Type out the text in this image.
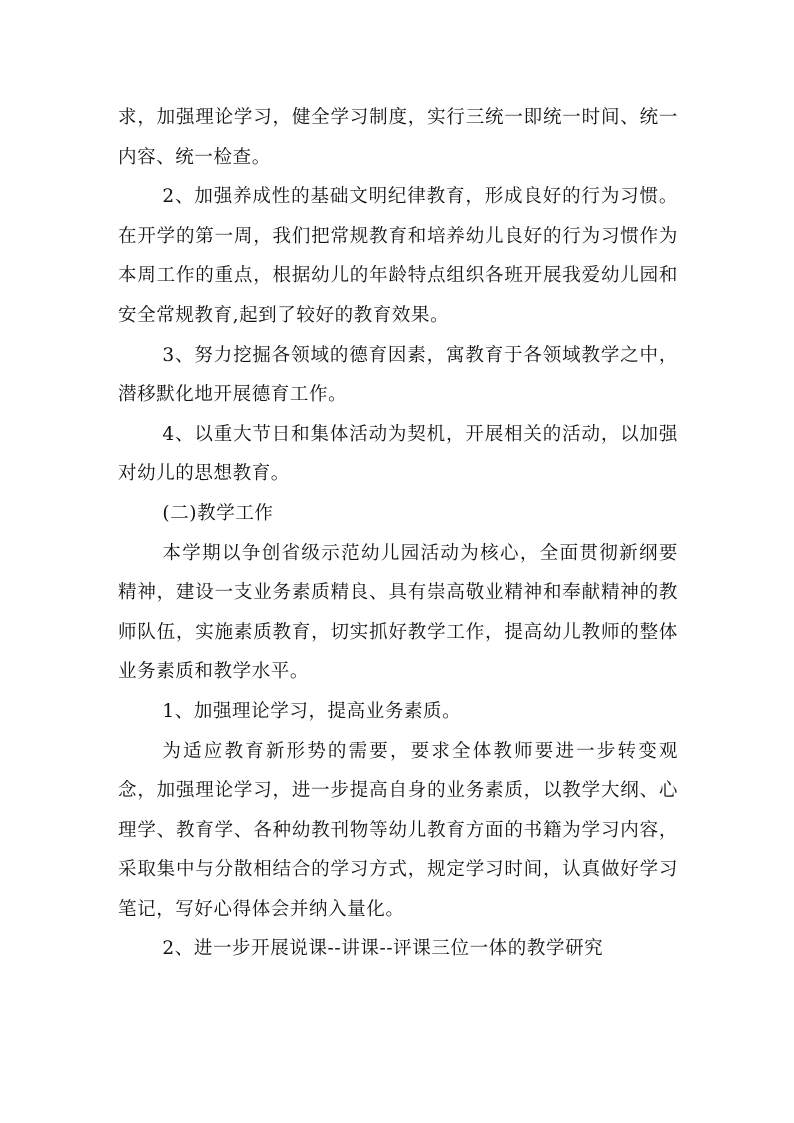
求，加强理论学习，健全学习制度，实行三统一即统一时间、统一内容、统一检查。

2、加强养成性的基础文明纪律教育，形成良好的行为习惯。在开学的第一周，我们把常规教育和培养幼儿良好的行为习惯作为本周工作的重点，根据幼儿的年龄特点组织各班开展我爱幼儿园和安全常规教育,起到了较好的教育效果。

3、努力挖掘各领域的德育因素，寓教育于各领域教学之中，潜移默化地开展德育工作。

4、以重大节日和集体活动为契机，开展相关的活动，以加强对幼儿的思想教育。

(二)教学工作

本学期以争创省级示范幼儿园活动为核心，全面贯彻新纲要精神，建设一支业务素质精良、具有崇高敬业精神和奉献精神的教师队伍，实施素质教育，切实抓好教学工作，提高幼儿教师的整体业务素质和教学水平。

1、加强理论学习，提高业务素质。

为适应教育新形势的需要，要求全体教师要进一步转变观念，加强理论学习，进一步提高自身的业务素质，以教学大纲、心理学、教育学、各种幼教刊物等幼儿教育方面的书籍为学习内容，采取集中与分散相结合的学习方式，规定学习时间，认真做好学习笔记，写好心得体会并纳入量化。

2、进一步开展说课--讲课--评课三位一体的教学研究
